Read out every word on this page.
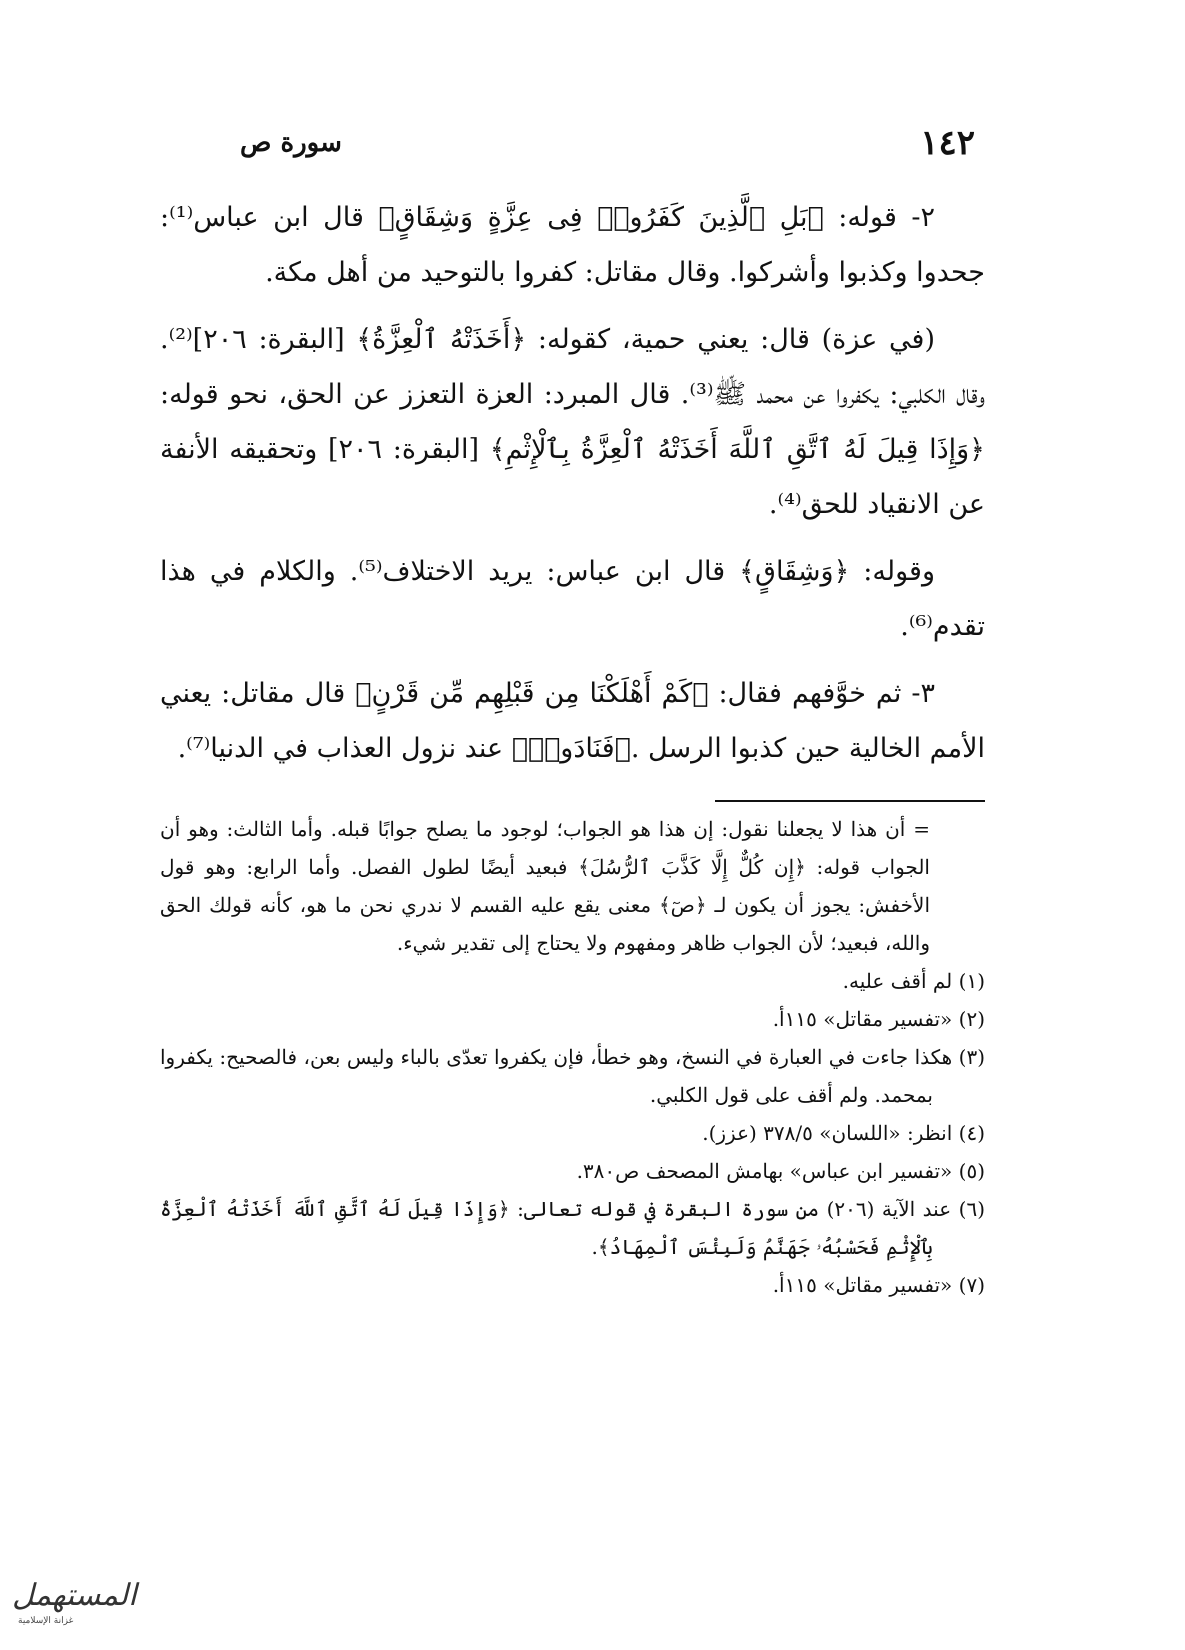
١٤٢
سورة ص

٢- قوله: ﴿بَلِ ٱلَّذِينَ كَفَرُوا۟ فِى عِزَّةٍ وَشِقَاقٍ﴾ قال ابن عباس⁽¹⁾: جحدوا وكذبوا وأشركوا. وقال مقاتل: كفروا بالتوحيد من أهل مكة.

(في عزة) قال: يعني حمية، كقوله: ﴿أَخَذَتْهُ ٱلْعِزَّةُ﴾ [البقرة: ٢٠٦]⁽²⁾. وقال الكلبي: يكفروا عن محمد ﷺ⁽³⁾. قال المبرد: العزة التعزز عن الحق، نحو قوله: ﴿وَإِذَا قِيلَ لَهُ ٱتَّقِ ٱللَّهَ أَخَذَتْهُ ٱلْعِزَّةُ بِٱلْإِثْمِ﴾ [البقرة: ٢٠٦] وتحقيقه الأنفة عن الانقياد للحق⁽⁴⁾.

وقوله: ﴿وَشِقَاقٍ﴾ قال ابن عباس: يريد الاختلاف⁽⁵⁾. والكلام في هذا تقدم⁽⁶⁾.

٣- ثم خوَّفهم فقال: ﴿كَمْ أَهْلَكْنَا مِن قَبْلِهِم مِّن قَرْنٍ﴾ قال مقاتل: يعني الأمم الخالية حين كذبوا الرسل .﴿فَنَادَوا۟﴾ عند نزول العذاب في الدنيا⁽⁷⁾.

= أن هذا لا يجعلنا نقول: إن هذا هو الجواب؛ لوجود ما يصلح جوابًا قبله. وأما الثالث: وهو أن الجواب قوله: ﴿إِن كُلٌّ إِلَّا كَذَّبَ ٱلرُّسُلَ﴾ فبعيد أيضًا لطول الفصل. وأما الرابع: وهو قول الأخفش: يجوز أن يكون لـ ﴿صٓ﴾ معنى يقع عليه القسم لا ندري نحن ما هو، كأنه قولك الحق والله، فبعيد؛ لأن الجواب ظاهر ومفهوم ولا يحتاج إلى تقدير شيء.

(١) لم أقف عليه.

(٢) «تفسير مقاتل» ١١٥أ.

(٣) هكذا جاءت في العبارة في النسخ، وهو خطأ، فإن يكفروا تعدّى بالباء وليس بعن، فالصحيح: يكفروا بمحمد. ولم أقف على قول الكلبي.

(٤) انظر: «اللسان» ٣٧٨/٥ (عزز).

(٥) «تفسير ابن عباس» بهامش المصحف ص٣٨٠.

(٦) عند الآية (٢٠٦) من سورة البقرة في قوله تعالى: ﴿وَإِذَا قِيلَ لَهُ ٱتَّقِ ٱللَّهَ أَخَذَتْهُ ٱلْعِزَّةُ بِٱلْإِثْمِ فَحَسْبُهُۥ جَهَنَّمُ وَلَبِئْسَ ٱلْمِهَادُ﴾.

(٧) «تفسير مقاتل» ١١٥أ.

المستهمل
غزانة الإسلامية
